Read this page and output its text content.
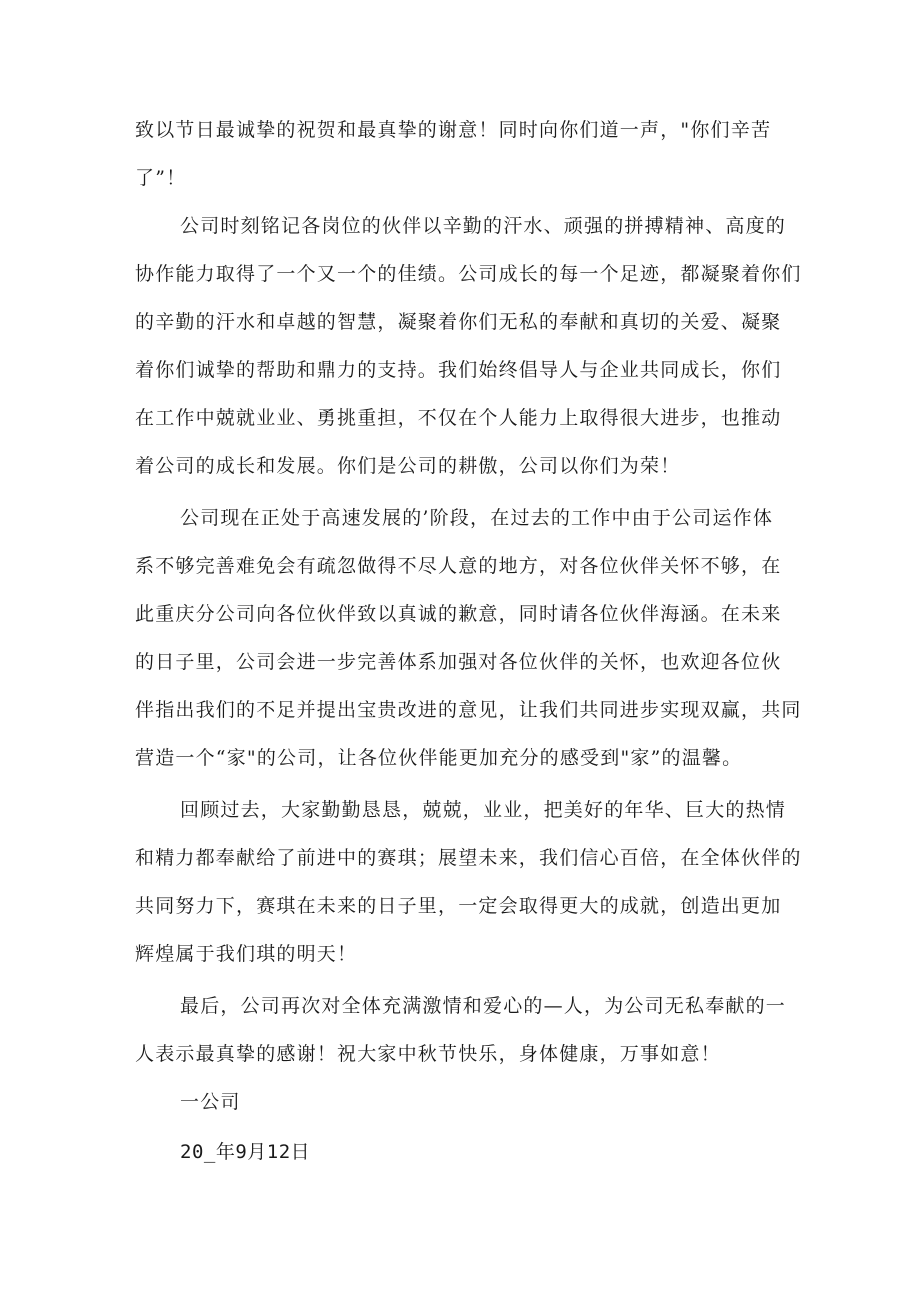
致以节日最诚挚的祝贺和最真挚的谢意！同时向你们道一声，"你们辛苦
了”！
公司时刻铭记各岗位的伙伴以辛勤的汗水、顽强的拼搏精神、高度的
协作能力取得了一个又一个的佳绩。公司成长的每一个足迹，都凝聚着你们
的辛勤的汗水和卓越的智慧，凝聚着你们无私的奉献和真切的关爱、凝聚
着你们诚挚的帮助和鼎力的支持。我们始终倡导人与企业共同成长，你们
在工作中兢就业业、勇挑重担，不仅在个人能力上取得很大进步，也推动
着公司的成长和发展。你们是公司的耕傲，公司以你们为荣！
公司现在正处于高速发展的’阶段，在过去的工作中由于公司运作体
系不够完善难免会有疏忽做得不尽人意的地方，对各位伙伴关怀不够，在
此重庆分公司向各位伙伴致以真诚的歉意，同时请各位伙伴海涵。在未来
的日子里，公司会进一步完善体系加强对各位伙伴的关怀，也欢迎各位伙
伴指出我们的不足并提出宝贵改进的意见，让我们共同进步实现双赢，共同
营造一个“家"的公司，让各位伙伴能更加充分的感受到"家”的温馨。
回顾过去，大家勤勤恳恳，兢兢，业业，把美好的年华、巨大的热情
和精力都奉献给了前进中的赛琪；展望未来，我们信心百倍，在全体伙伴的
共同努力下，赛琪在未来的日子里，一定会取得更大的成就，创造出更加
辉煌属于我们琪的明天！
最后，公司再次对全体充满激情和爱心的—人，为公司无私奉献的一
人表示最真挚的感谢！祝大家中秋节快乐，身体健康，万事如意！
一公司
20_年9月12日
